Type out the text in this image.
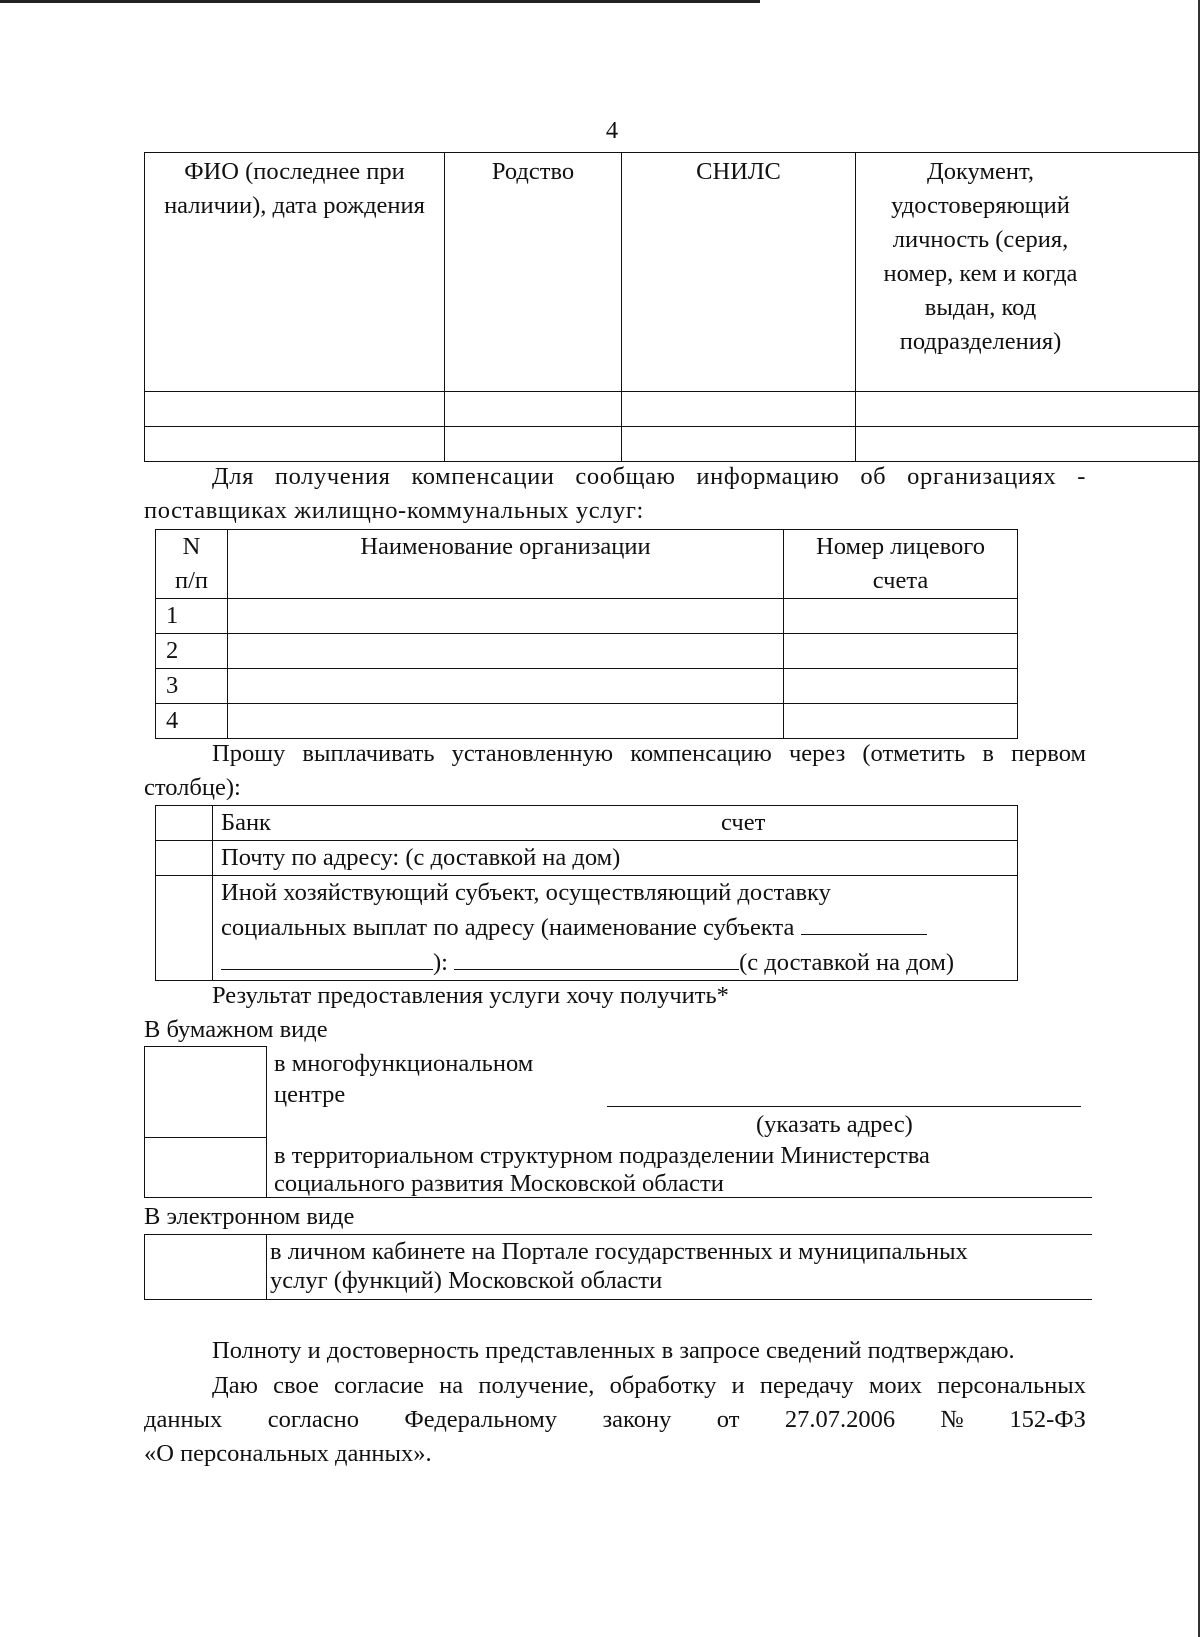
4
ФИО (последнее при наличии), дата рождения	Родство	СНИЛС	Документ, удостоверяющий личность (серия, номер, кем и когда выдан, код подразделения)

Для получения компенсации сообщаю информацию об организациях - поставщиках жилищно-коммунальных услуг:
N п/п	Наименование организации	Номер лицевого счета

1		
2		
3		
4		
Прошу выплачивать установленную компенсацию через (отметить в первом столбце):
	Банк счет

	Почту по адресу: (с доставкой на дом)

	Иной хозяйствующий субъект, осуществляющий доставку
социальных выплат по адресу (наименование субъекта
): (с доставкой на дом)
Результат предоставления услуги хочу получить*
В бумажном виде
в многофункциональном
центре
(указать адрес)
в территориальном структурном подразделении Министерства
социального развития Московской области
В электронном виде
в личном кабинете на Портале государственных и муниципальных
услуг (функций) Московской области
Полноту и достоверность представленных в запросе сведений подтверждаю.
Даю свое согласие на получение, обработку и передачу моих персональных
данных согласно Федеральному закону от 27.07.2006 № 152-ФЗ
«О персональных данных».
